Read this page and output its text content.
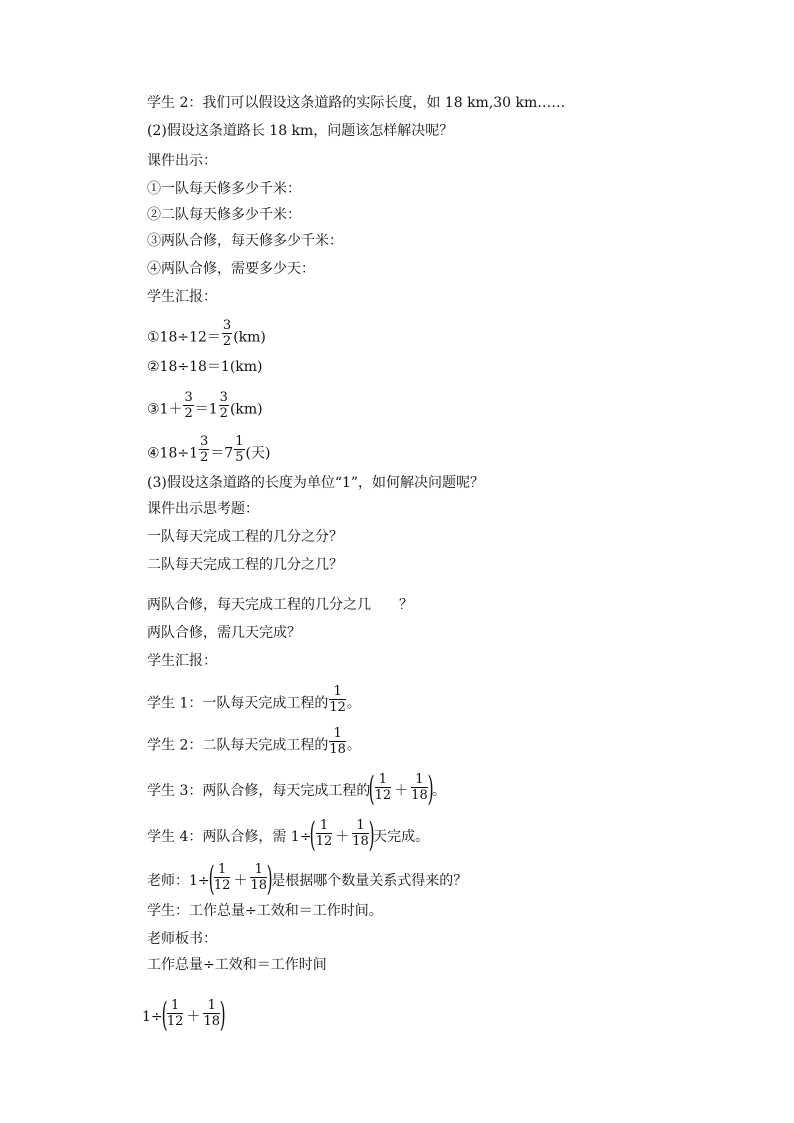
学生 2：我们可以假设这条道路的实际长度，如 18 km,30 km……
(2)假设这条道路长 18 km，问题该怎样解决呢？
课件出示：
①一队每天修多少千米：
②二队每天修多少千米：
③两队合修，每天修多少千米：
④两队合修，需要多少天：
学生汇报：
①18÷12＝ $\frac{3}{2} (km)$
②18÷18＝1(km)
③1＋ $\frac{3}{2} =1 \frac{3}{2} (km)$
④18÷1 $\frac{3}{2} =7 \frac{1}{5}$ (天)
(3)假设这条道路的长度为单位“1”，如何解决问题呢？
课件出示思考题：
一队每天完成工程的几分之分？
二队每天完成工程的几分之几？
两队合修，每天完成工程的几分之几 ？
两队合修，需几天完成？
学生汇报：
学生 1：一队每天完成工程的 $\frac{1}{12}$ 。
学生 2：二队每天完成工程的 $\frac{1}{18}$ 。
学生 3：两队合修，每天完成工程的( $\frac{1}{12} + \frac{1}{18}$ )。
学生 4：两队合修，需 $1\div( \frac{1}{12} + \frac{1}{18}$ )天完成。
老师：$1\div( \frac{1}{12} + \frac{1}{18}$ )是根据哪个数量关系式得来的？
学生：工作总量÷工效和＝工作时间。
老师板书：
工作总量÷工效和＝工作时间
$1\div( \frac{1}{12} + \frac{1}{18}$ )
